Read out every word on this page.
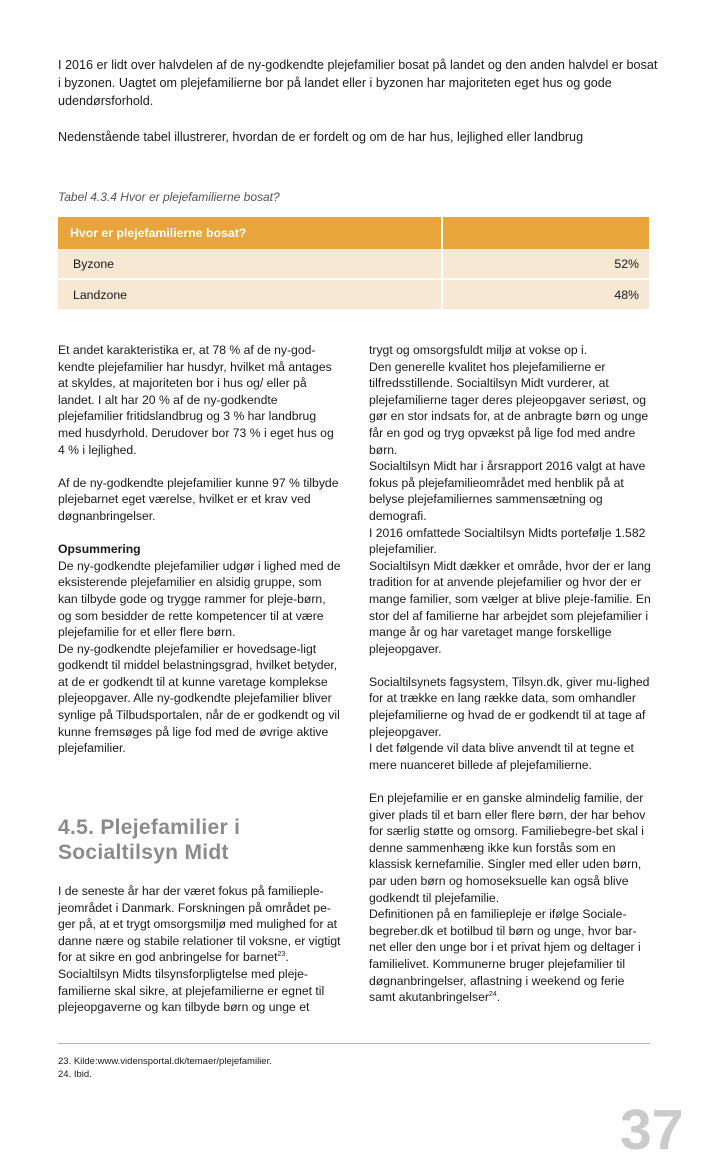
I 2016 er lidt over halvdelen af de ny-godkendte plejefamilier bosat på landet og den anden halvdel er bosat i byzonen. Uagtet om plejefamilierne bor på landet eller i byzonen har majoriteten eget hus og gode udendørsforhold.

Nedenstående tabel illustrerer, hvordan de er fordelt og om de har hus, lejlighed eller landbrug

Tabel 4.3.4 Hvor er plejefamilierne bosat?
Hvor er plejefamilierne bosat?	
Byzone	52%
Landzone	48%

Et andet karakteristika er, at 78 % af de ny-god-kendte plejefamilier har husdyr, hvilket må antages at skyldes, at majoriteten bor i hus og/ eller på landet. I alt har 20 % af de ny-godkendte plejefamilier fritidslandbrug og 3 % har landbrug med husdyrhold. Derudover bor 73 % i eget hus og 4 % i lejlighed.

Af de ny-godkendte plejefamilier kunne 97 % tilbyde plejebarnet eget værelse, hvilket er et krav ved døgnanbringelser.

Opsummering

De ny-godkendte plejefamilier udgør i lighed med de eksisterende plejefamilier en alsidig gruppe, som kan tilbyde gode og trygge rammer for pleje-børn, og som besidder de rette kompetencer til at være plejefamilie for et eller flere børn.

De ny-godkendte plejefamilier er hovedsage-ligt godkendt til middel belastningsgrad, hvilket betyder, at de er godkendt til at kunne varetage komplekse plejeopgaver. Alle ny-godkendte plejefamilier bliver synlige på Tilbudsportalen, når de er godkendt og vil kunne fremsøges på lige fod med de øvrige aktive plejefamilier.

4.5. Plejefamilier i
Socialtilsyn Midt

I de seneste år har der været fokus på familieple-jeområdet i Danmark. Forskningen på området pe-ger på, at et trygt omsorgsmiljø med mulighed for at danne nære og stabile relationer til voksne, er vigtigt for at sikre en god anbringelse for barnet$^{23}$.

Socialtilsyn Midts tilsynsforpligtelse med pleje-familierne skal sikre, at plejefamilierne er egnet til plejeopgaverne og kan tilbyde børn og unge et

trygt og omsorgsfuldt miljø at vokse op i.

Den generelle kvalitet hos plejefamilierne er tilfredsstillende. Socialtilsyn Midt vurderer, at plejefamilierne tager deres plejeopgaver seriøst, og gør en stor indsats for, at de anbragte børn og unge får en god og tryg opvækst på lige fod med andre børn.

Socialtilsyn Midt har i årsrapport 2016 valgt at have fokus på plejefamilieområdet med henblik på at belyse plejefamiliernes sammensætning og demografi.

I 2016 omfattede Socialtilsyn Midts portefølje 1.582 plejefamilier.

Socialtilsyn Midt dækker et område, hvor der er lang tradition for at anvende plejefamilier og hvor der er mange familier, som vælger at blive pleje-familie. En stor del af familierne har arbejdet som plejefamilier i mange år og har varetaget mange forskellige plejeopgaver.

Socialtilsynets fagsystem, Tilsyn.dk, giver mu-lighed for at trække en lang række data, som omhandler plejefamilierne og hvad de er godkendt til at tage af plejeopgaver.

I det følgende vil data blive anvendt til at tegne et mere nuanceret billede af plejefamilierne.

En plejefamilie er en ganske almindelig familie, der giver plads til et barn eller flere børn, der har behov for særlig støtte og omsorg. Familiebegre-bet skal i denne sammenhæng ikke kun forstås som en klassisk kernefamilie. Singler med eller uden børn, par uden børn og homoseksuelle kan også blive godkendt til plejefamilie.

Definitionen på en familiepleje er ifølge Sociale-begreber.dk et botilbud til børn og unge, hvor bar-net eller den unge bor i et privat hjem og deltager i familielivet. Kommunerne bruger plejefamilier til døgnanbringelser, aflastning i weekend og ferie samt akutanbringelser$^{24}$.

23. Kilde:www.vidensportal.dk/temaer/plejefamilier.
24. Ibid.
37
